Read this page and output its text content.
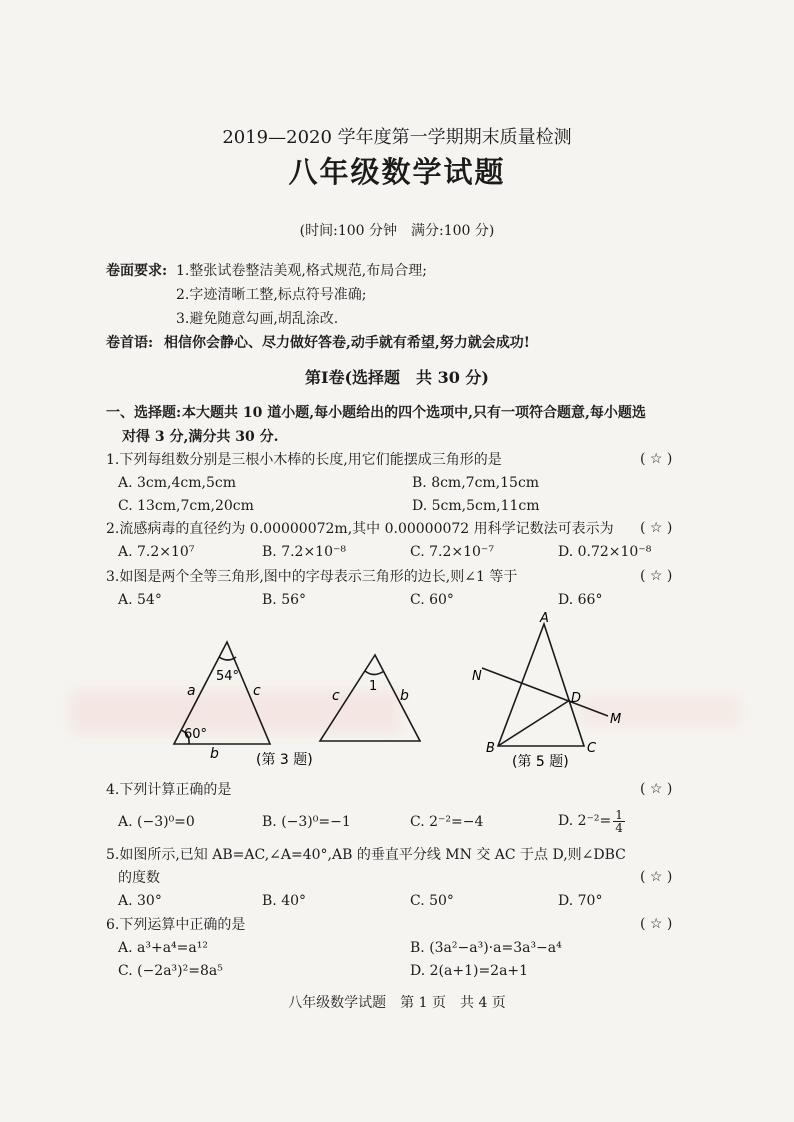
2019—2020 学年度第一学期期末质量检测
八年级数学试题
(时间:100 分钟　满分:100 分)
卷面要求: 1.整张试卷整洁美观,格式规范,布局合理;
2.字迹清晰工整,标点符号准确;
3.避免随意勾画,胡乱涂改.
卷首语: 相信你会静心、尽力做好答卷,动手就有希望,努力就会成功!
第Ⅰ卷(选择题　共 30 分)
一、选择题: 本大题共 10 道小题,每小题给出的四个选项中,只有一项符合题意,每小题选
对得 3 分,满分共 30 分.
1.下列每组数分别是三根小木棒的长度,用它们能摆成三角形的是	( ☆ )
A. 3cm,4cm,5cm	B. 8cm,7cm,15cm
C. 13cm,7cm,20cm	D. 5cm,5cm,11cm
2.流感病毒的直径约为 0.00000072m,其中 0.00000072 用科学记数法可表示为 ( ☆ )
A. 7.2×10⁷	B. 7.2×10⁻⁸	C. 7.2×10⁻⁷	D. 0.72×10⁻⁸
3.如图是两个全等三角形,图中的字母表示三角形的边长,则∠1 等于	( ☆ )
A. 54°	B. 56°	C. 60°	D. 66°
54°
60°
a	c
b
1
c	b
(第 3 题)
A
B	C
D
M
N
(第 5 题)
4.下列计算正确的是	( ☆ )
A. (−3)⁰=0	B. (−3)⁰=−1	C. 2⁻²=−4	D. $2^{-2}= \frac{1}{4}$
5.如图所示,已知 AB=AC,∠A=40°,AB 的垂直平分线 MN 交 AC 于点 D,则∠DBC
的度数	( ☆ )
A. 30°	B. 40°	C. 50°	D. 70°
6.下列运算中正确的是	( ☆ )
A. a³+a⁴=a¹²	B. (3a²−a³)·a=3a³−a⁴
C. (−2a³)²=8a⁵	D. 2(a+1)=2a+1
八年级数学试题　第 1 页　共 4 页
